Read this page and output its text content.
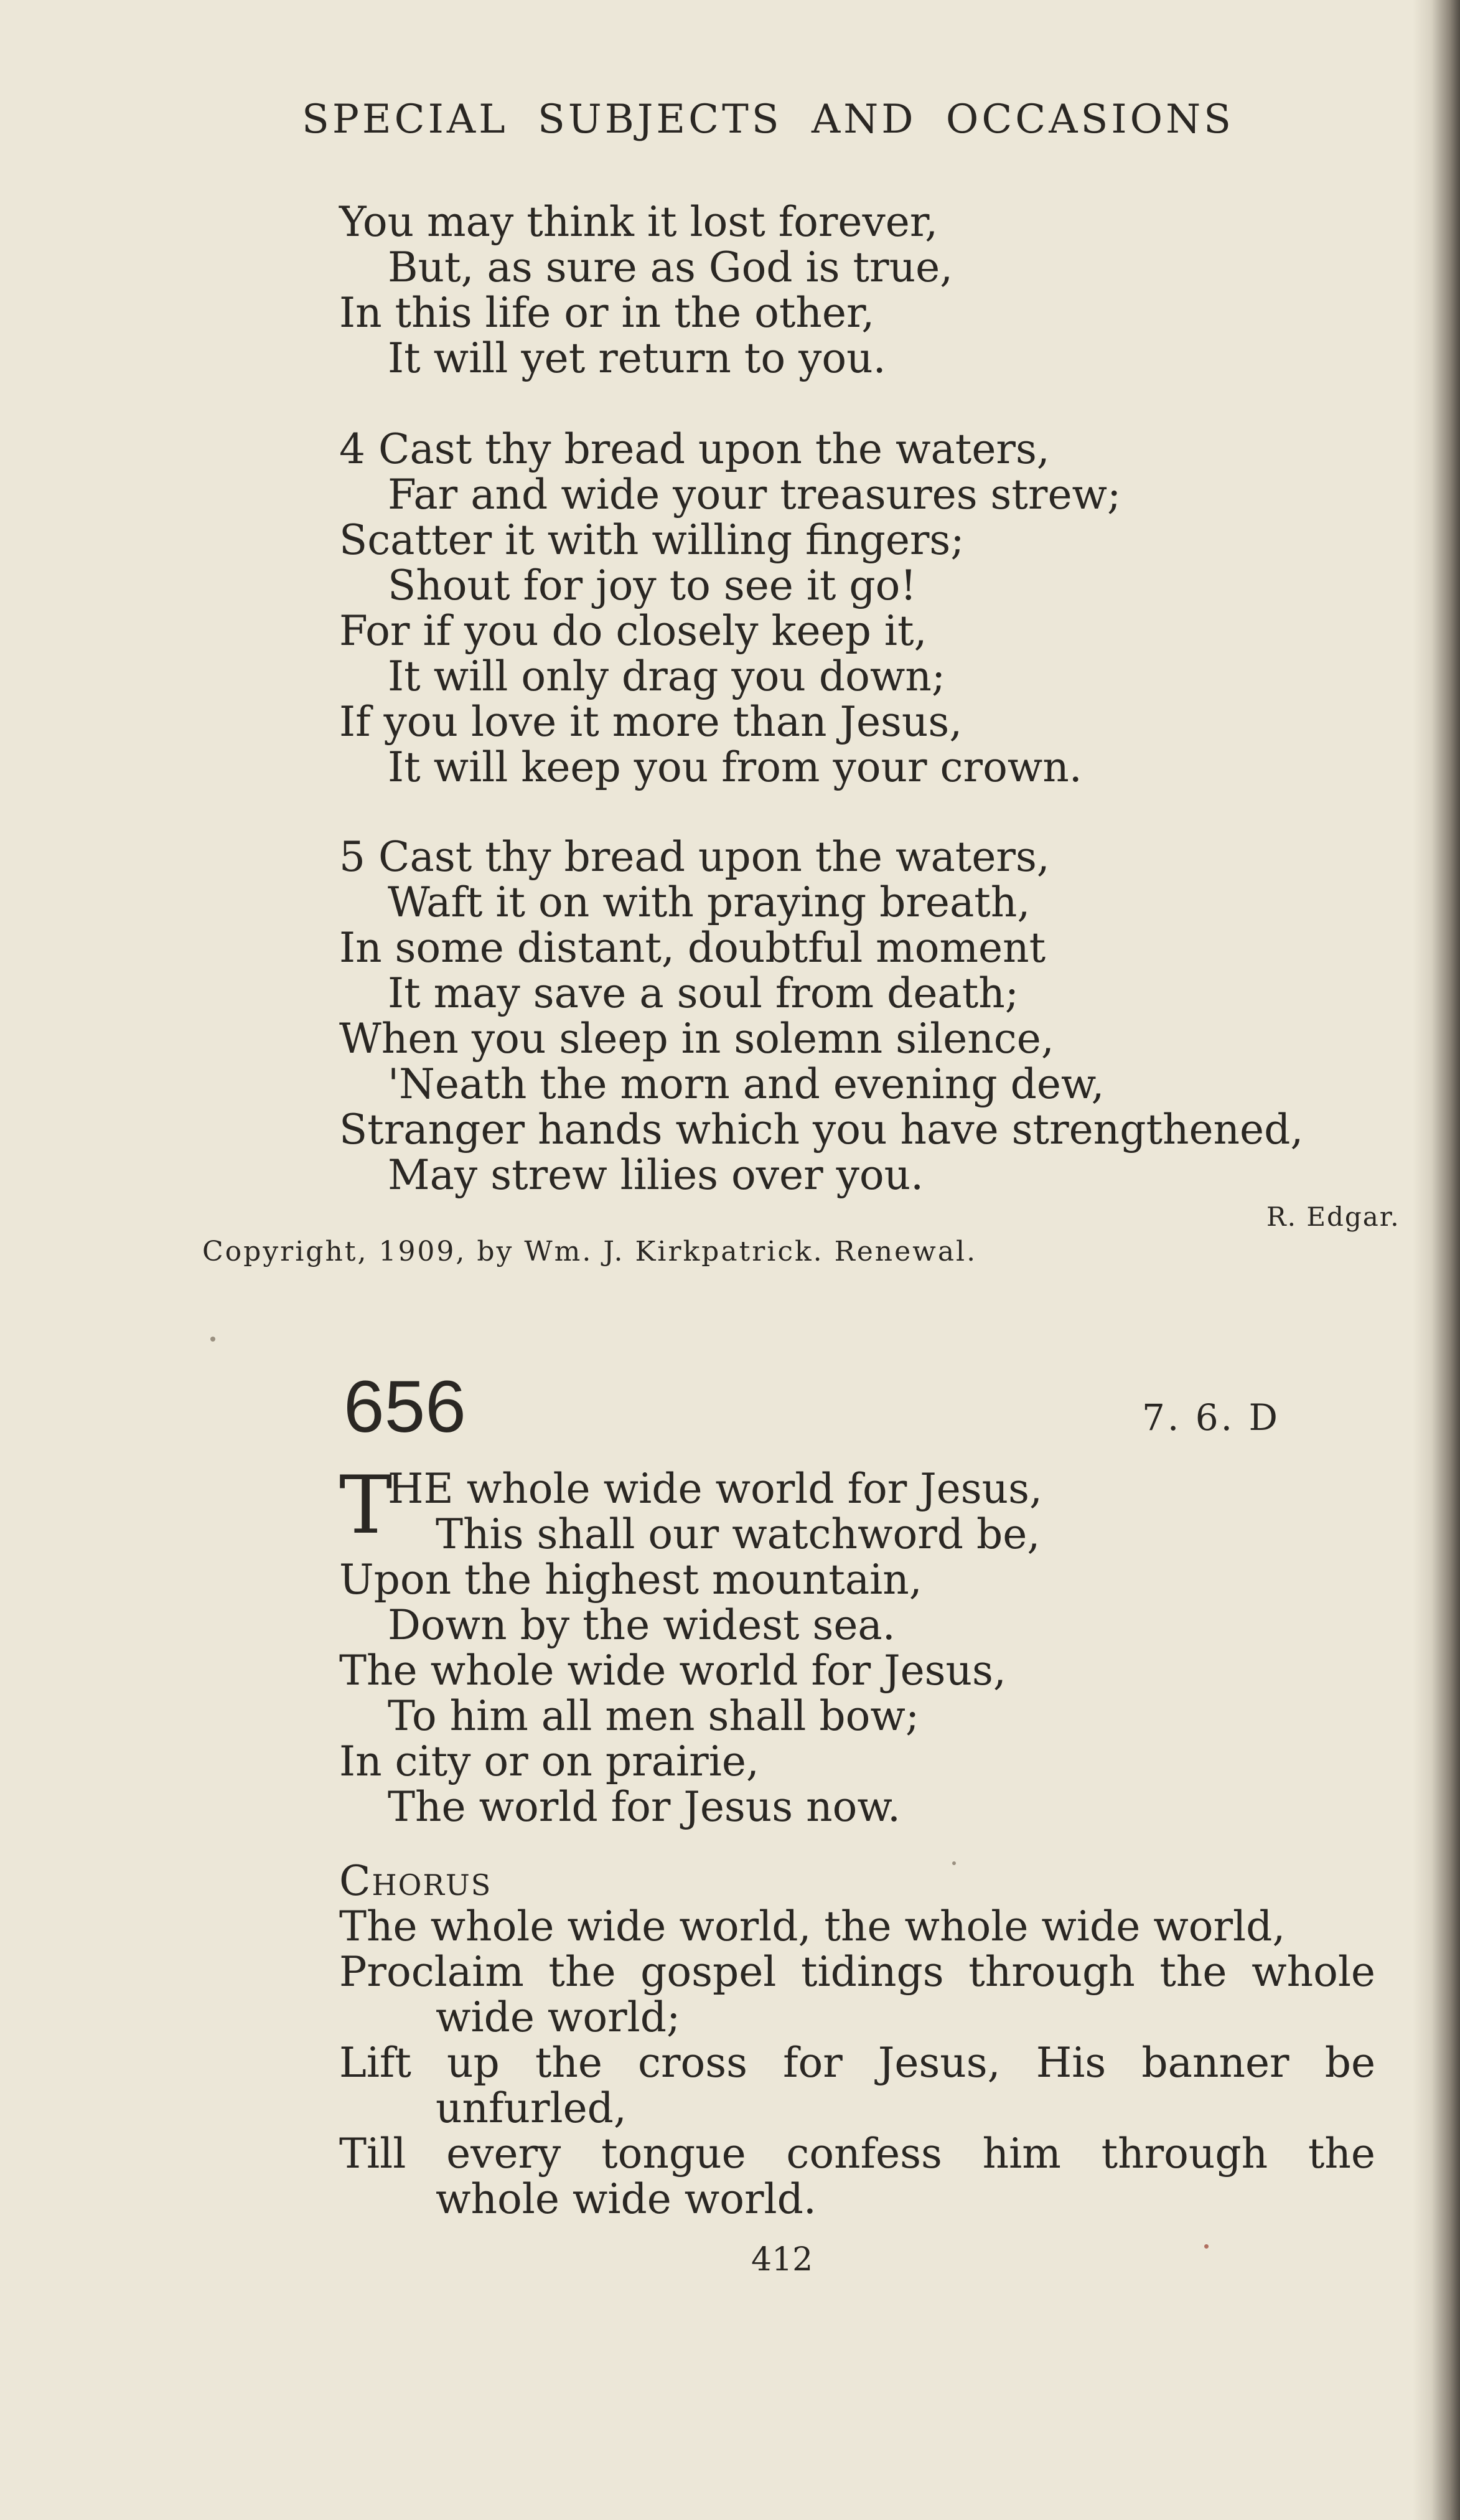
SPECIAL SUBJECTS AND OCCASIONS
You may think it lost forever,
But, as sure as God is true,
In this life or in the other,
It will yet return to you.
4 Cast thy bread upon the waters,
Far and wide your treasures strew;
Scatter it with willing fingers;
Shout for joy to see it go!
For if you do closely keep it,
It will only drag you down;
If you love it more than Jesus,
It will keep you from your crown.
5 Cast thy bread upon the waters,
Waft it on with praying breath,
In some distant, doubtful moment
It may save a soul from death;
When you sleep in solemn silence,
'Neath the morn and evening dew,
Stranger hands which you have strengthened,
May strew lilies over you.
R. Edgar.
Copyright, 1909, by Wm. J. Kirkpatrick. Renewal.
656	7. 6. D
T
HE whole wide world for Jesus,
This shall our watchword be,
Upon the highest mountain,
Down by the widest sea.
The whole wide world for Jesus,
To him all men shall bow;
In city or on prairie,
The world for Jesus now.
Chorus
The whole wide world, the whole wide world,
Proclaim the gospel tidings through the whole
wide world;
Lift up the cross for Jesus, His banner be
unfurled,
Till every tongue confess him through the
whole wide world.
412
